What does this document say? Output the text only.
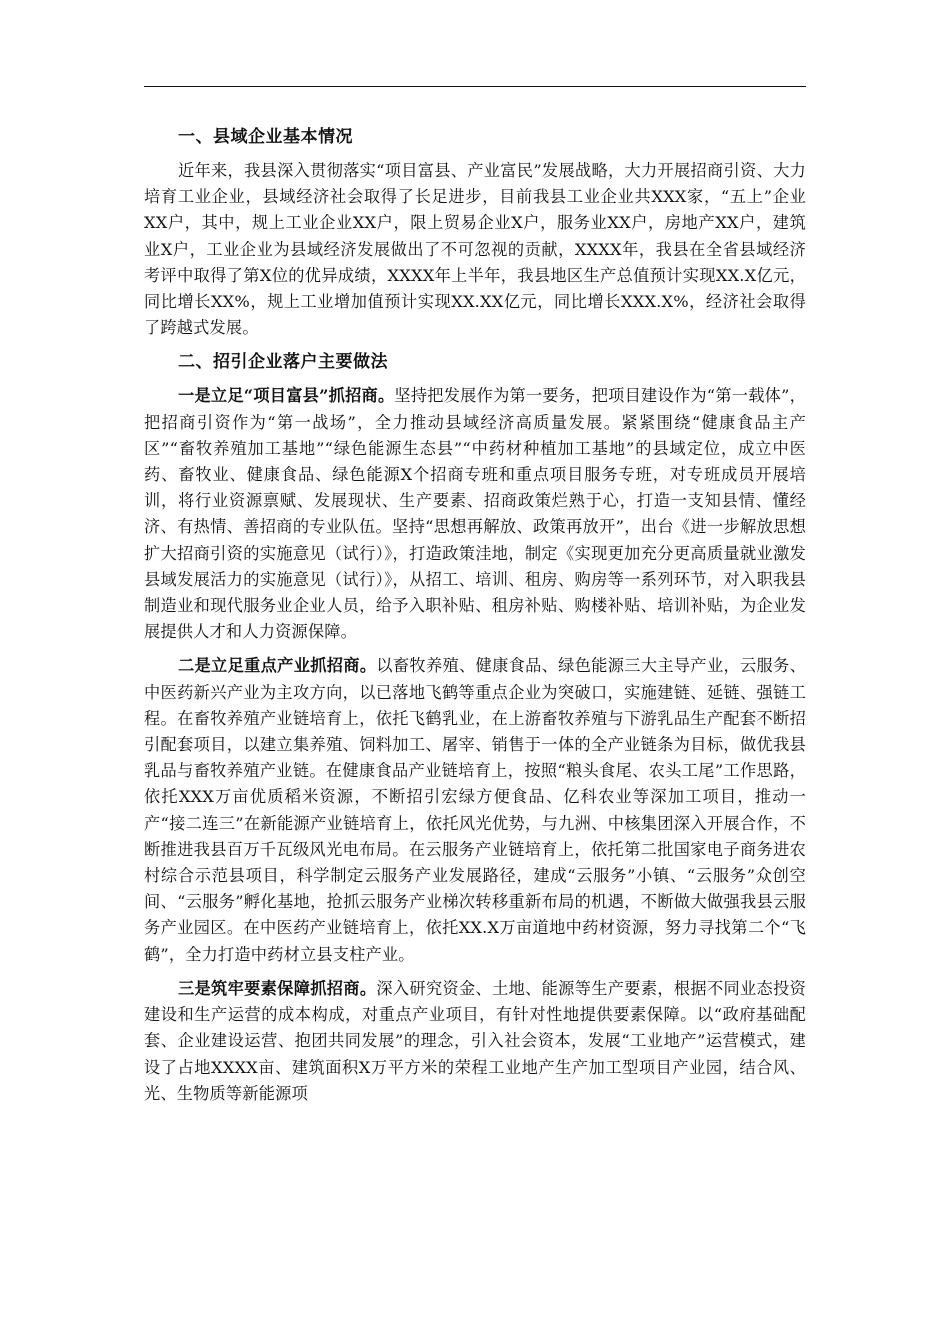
一、县域企业基本情况

近年来，我县深入贯彻落实“项目富县、产业富民”发展战略，大力开展招商引资、大力培育工业企业，县域经济社会取得了长足进步，目前我县工业企业共XXX家，“五上”企业XX户，其中，规上工业企业XX户，限上贸易企业X户，服务业XX户，房地产XX户，建筑业X户，工业企业为县域经济发展做出了不可忽视的贡献，XXXX年，我县在全省县域经济考评中取得了第X位的优异成绩，XXXX年上半年，我县地区生产总值预计实现XX.X亿元，同比增长XX%，规上工业增加值预计实现XX.XX亿元，同比增长XXX.X%，经济社会取得了跨越式发展。

二、招引企业落户主要做法

一是立足“项目富县”抓招商。坚持把发展作为第一要务，把项目建设作为“第一载体”，把招商引资作为“第一战场”，全力推动县域经济高质量发展。紧紧围绕“健康食品主产区”“畜牧养殖加工基地”“绿色能源生态县”“中药材种植加工基地”的县域定位，成立中医药、畜牧业、健康食品、绿色能源X个招商专班和重点项目服务专班，对专班成员开展培训，将行业资源禀赋、发展现状、生产要素、招商政策烂熟于心，打造一支知县情、懂经济、有热情、善招商的专业队伍。坚持“思想再解放、政策再放开”，出台《进一步解放思想扩大招商引资的实施意见（试行）》，打造政策洼地，制定《实现更加充分更高质量就业激发县域发展活力的实施意见（试行）》，从招工、培训、租房、购房等一系列环节，对入职我县制造业和现代服务业企业人员，给予入职补贴、租房补贴、购楼补贴、培训补贴，为企业发展提供人才和人力资源保障。

二是立足重点产业抓招商。以畜牧养殖、健康食品、绿色能源三大主导产业，云服务、中医药新兴产业为主攻方向，以已落地飞鹤等重点企业为突破口，实施建链、延链、强链工程。在畜牧养殖产业链培育上，依托飞鹤乳业，在上游畜牧养殖与下游乳品生产配套不断招引配套项目，以建立集养殖、饲料加工、屠宰、销售于一体的全产业链条为目标，做优我县乳品与畜牧养殖产业链。在健康食品产业链培育上，按照“粮头食尾、农头工尾”工作思路，依托XXX万亩优质稻米资源，不断招引宏绿方便食品、亿科农业等深加工项目，推动一产“接二连三”在新能源产业链培育上，依托风光优势，与九洲、中核集团深入开展合作，不断推进我县百万千瓦级风光电布局。在云服务产业链培育上，依托第二批国家电子商务进农村综合示范县项目，科学制定云服务产业发展路径，建成“云服务”小镇、“云服务”众创空间、“云服务”孵化基地，抢抓云服务产业梯次转移重新布局的机遇，不断做大做强我县云服务产业园区。在中医药产业链培育上，依托XX.X万亩道地中药材资源，努力寻找第二个“飞鹤”，全力打造中药材立县支柱产业。

三是筑牢要素保障抓招商。深入研究资金、土地、能源等生产要素，根据不同业态投资建设和生产运营的成本构成，对重点产业项目，有针对性地提供要素保障。以“政府基础配套、企业建设运营、抱团共同发展”的理念，引入社会资本，发展“工业地产”运营模式，建设了占地XXXX亩、建筑面积X万平方米的荣程工业地产生产加工型项目产业园，结合风、光、生物质等新能源项
